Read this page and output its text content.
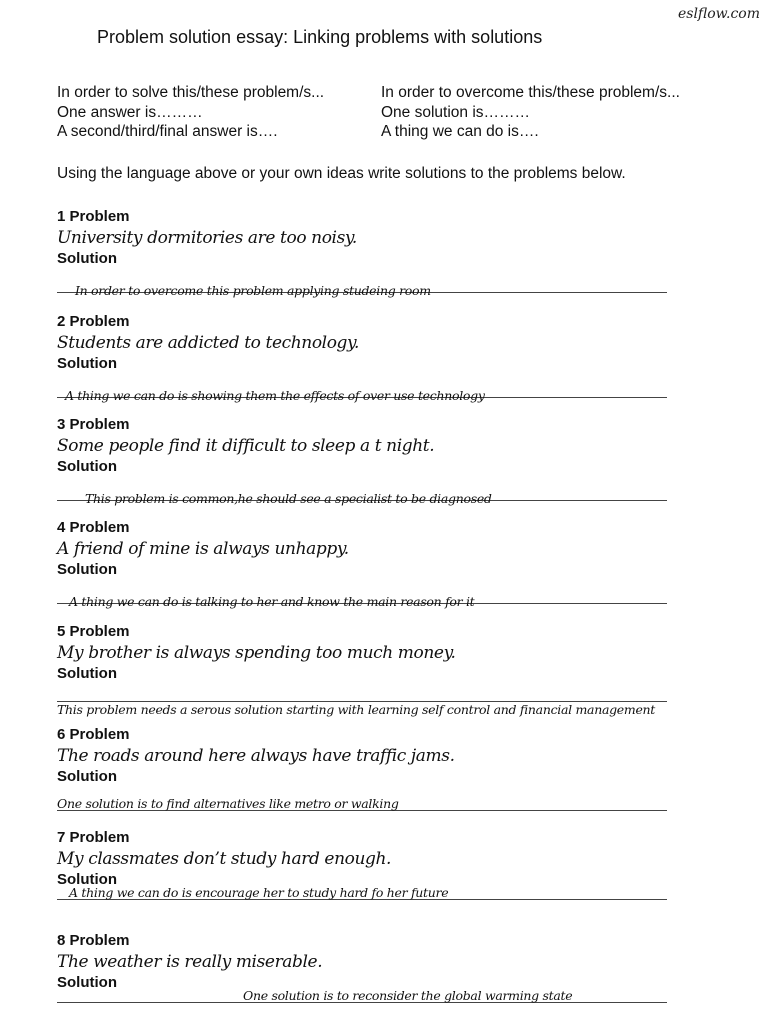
eslflow.com
Problem solution essay: Linking problems with solutions
In order to solve this/these problem/s...
One answer is………
A second/third/final answer is….
In order to overcome this/these problem/s...
One solution is………
A thing we can do is….
Using the language above or your own ideas write solutions to the problems below.
1 Problem
University dormitories are too noisy.
Solution
In order to overcome this problem applying studeing room
2 Problem
Students are addicted to technology.
Solution
A thing we can do is showing them the effects of over use technology
3 Problem
Some people find it difficult to sleep a t night.
Solution
This problem is common,he should see a specialist to be diagnosed
4 Problem
A friend of mine is always unhappy.
Solution
A thing we can do is talking to her and know the main reason for it
5 Problem
My brother is always spending too much money.
Solution
This problem needs a serous solution starting with learning self control and financial management
6 Problem
The roads around here always have traffic jams.
Solution
One solution is to find alternatives like metro or walking
7 Problem
My classmates don’t study hard enough.
Solution
A thing we can do is encourage her to study hard fo her future
8 Problem
The weather is really miserable.
Solution
One solution is to reconsider the global warming state
